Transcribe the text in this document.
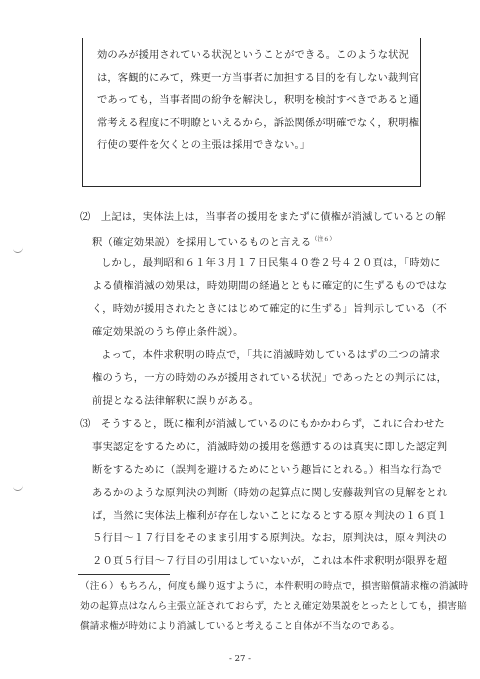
効のみが援用されている状況ということができる。このような状況
は，客観的にみて，殊更一方当事者に加担する目的を有しない裁判官
であっても，当事者間の紛争を解決し，釈明を検討すべきであると通
常考える程度に不明瞭といえるから，訴訟関係が明確でなく，釈明権
行使の要件を欠くとの主張は採用できない。」
⑵　上記は，実体法上は，当事者の援用をまたずに債権が消滅しているとの解
釈（確定効果説）を採用しているものと言える$^{(注6)}$
しかし，最判昭和６１年３月１７日民集４０巻２号４２０頁は，「時効に
よる債権消滅の効果は，時効期間の経過とともに確定的に生ずるものではな
く，時効が援用されたときにはじめて確定的に生ずる」旨判示している（不
確定効果説のうち停止条件説）。
よって，本件求釈明の時点で，「共に消滅時効しているはずの二つの請求
権のうち，一方の時効のみが援用されている状況」であったとの判示には，
前提となる法律解釈に誤りがある。
⑶　そうすると，既に権利が消滅しているのにもかかわらず，これに合わせた
事実認定をするために，消滅時効の援用を慫慂するのは真実に即した認定判
断をするために（誤判を避けるためにという趣旨にとれる。）相当な行為で
あるかのような原判決の判断（時効の起算点に関し安藤裁判官の見解をとれ
ば，当然に実体法上権利が存在しないことになるとする原々判決の１６頁１
５行目～１７行目をそのまま引用する原判決。なお，原判決は，原々判決の
２０頁５行目～７行目の引用はしていないが，これは本件求釈明が限界を超
（注６）もちろん，何度も繰り返すように，本件釈明の時点で，損害賠償請求権の消滅時
効の起算点はなんら主張立証されておらず，たとえ確定効果説をとったとしても，損害賠
償請求権が時効により消滅していると考えること自体が不当なのである。
- 27 -
